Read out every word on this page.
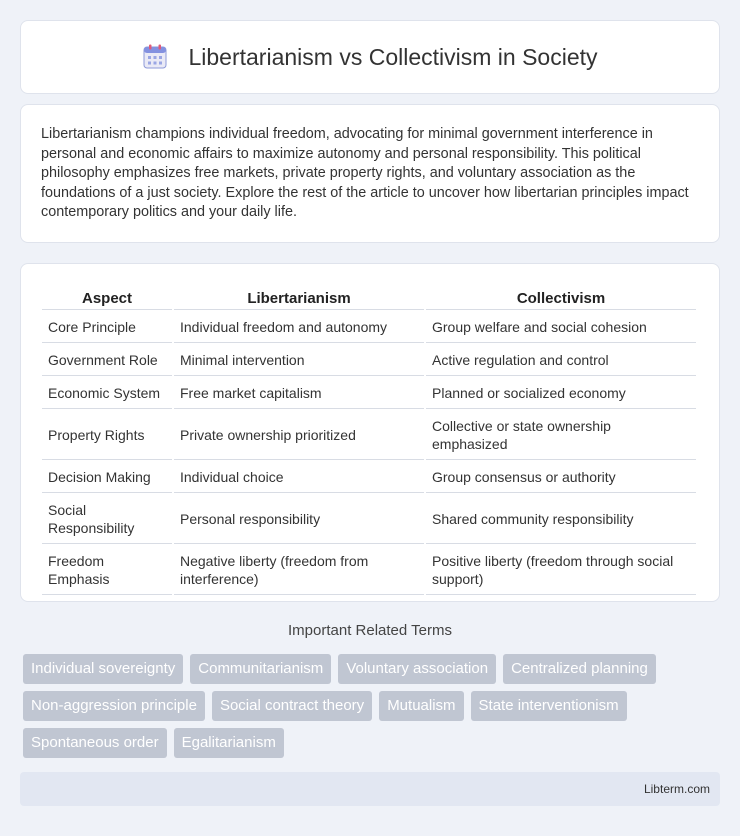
Libertarianism vs Collectivism in Society

Libertarianism champions individual freedom, advocating for minimal government interference in personal and economic affairs to maximize autonomy and personal responsibility. This political philosophy emphasizes free markets, private property rights, and voluntary association as the foundations of a just society. Explore the rest of the article to uncover how libertarian principles impact contemporary politics and your daily life.

Aspect	Libertarianism	Collectivism
Core Principle	Individual freedom and autonomy	Group welfare and social cohesion
Government Role	Minimal intervention	Active regulation and control
Economic System	Free market capitalism	Planned or socialized economy
Property Rights	Private ownership prioritized	Collective or state ownership emphasized
Decision Making	Individual choice	Group consensus or authority
Social Responsibility	Personal responsibility	Shared community responsibility
Freedom Emphasis	Negative liberty (freedom from interference)	Positive liberty (freedom through social support)
Important Related Terms
Individual sovereignty	Communitarianism	Voluntary association	Centralized planning
Non-aggression principle	Social contract theory	Mutualism	State interventionism
Spontaneous order	Egalitarianism
Libterm.com
